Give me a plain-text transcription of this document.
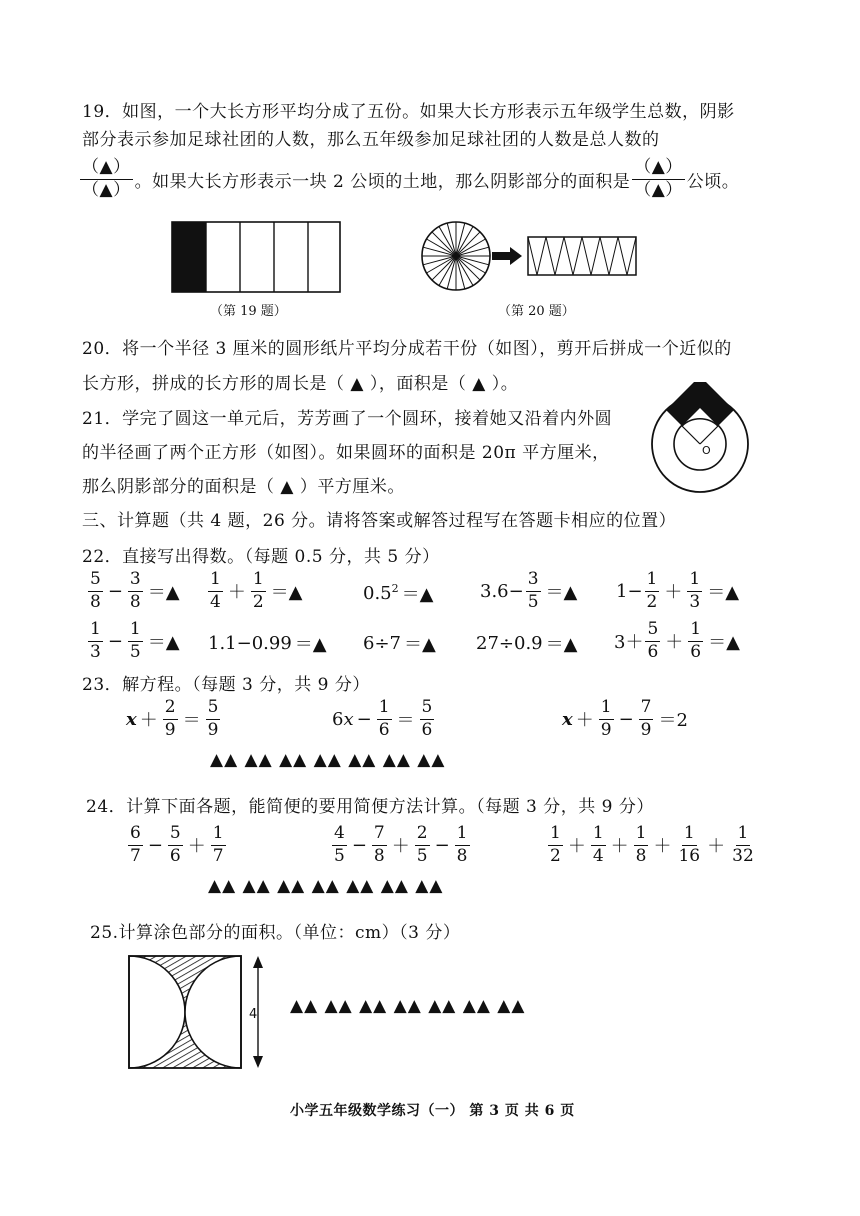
19．如图，一个大长方形平均分成了五份。如果大长方形表示五年级学生总数，阴影
部分表示参加足球社团的人数，那么五年级参加足球社团的人数是总人数的
$\frac{(▲)}{(▲)}$ 。如果大长方形表示一块 2 公顷的土地，那么阴影部分的面积是 $\frac{(▲)}{(▲)}$ 公顷。
（第 19 题）	（第 20 题）
20．将一个半径 3 厘米的圆形纸片平均分成若干份（如图），剪开后拼成一个近似的
长方形，拼成的长方形的周长是（ ▲ ），面积是（ ▲ ）。
21．学完了圆这一单元后，芳芳画了一个圆环，接着她又沿着内外圆
的半径画了两个正方形（如图）。如果圆环的面积是 20π 平方厘米，
那么阴影部分的面积是（ ▲ ）平方厘米。
O
三、计算题（共 4 题，26 分。请将答案或解答过程写在答题卡相应的位置）
22．直接写出得数。（每题 0.5 分，共 5 分）
$\frac{5}{8} - \frac{3}{8}$ ＝▲ $\frac{1}{4} + \frac{1}{2}$ ＝▲	$0.5^2$ ＝▲	$3.6- \frac{3}{5}$ ＝▲ $1- \frac{1}{2} + \frac{1}{3}$ ＝▲
$\frac{1}{3} - \frac{1}{5}$ ＝▲ 1.1−0.99 ＝▲ 6÷7 ＝▲ 27÷0.9 ＝▲ $3+ \frac{5}{6} + \frac{1}{6}$ ＝▲
23．解方程。（每题 3 分，共 9 分）
$x + \frac{2}{9} = \frac{5}{9}$	6 $x - \frac{1}{6} = \frac{5}{6}$	$x + \frac{1}{9} - \frac{7}{9} =2$
▲▲ ▲▲ ▲▲ ▲▲ ▲▲ ▲▲ ▲▲
24．计算下面各题，能简便的要用简便方法计算。（每题 3 分，共 9 分）
$\frac{6}{7} - \frac{5}{6} + \frac{1}{7}$	$\frac{4}{5} - \frac{7}{8} + \frac{2}{5} - \frac{1}{8}$	$\frac{1}{2} + \frac{1}{4} + \frac{1}{8} + \frac{1}{16} + \frac{1}{32}$
▲▲ ▲▲ ▲▲ ▲▲ ▲▲ ▲▲ ▲▲
25.计算涂色部分的面积。（单位：cm）（3 分）
4 ▲▲ ▲▲ ▲▲ ▲▲ ▲▲ ▲▲ ▲▲
小学五年级数学练习（一） 第 3 页 共 6 页
